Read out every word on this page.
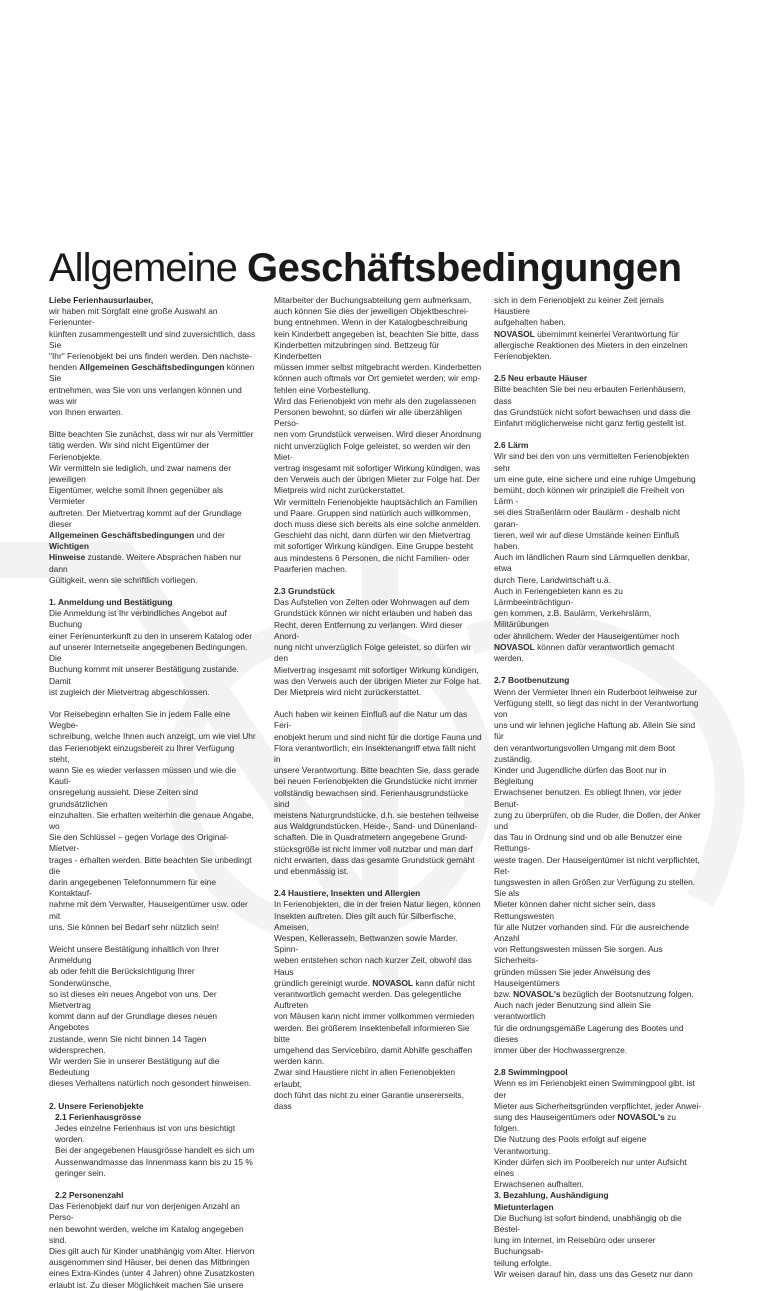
Allgemeine Geschäftsbedingungen

Liebe Ferienhausurlauber,

wir haben mit Sorgfalt eine große Auswahl an Ferienunter-
künften zusammengestellt und sind zuversichtlich, dass Sie
"Ihr" Ferienobjekt bei uns finden werden. Den nachste-
henden Allgemeinen Geschäftsbedingungen können Sie
entnehmen, was Sie von uns verlangen können und was wir
von Ihnen erwarten.

Bitte beachten Sie zunächst, dass wir nur als Vermittler
tätig werden. Wir sind nicht Eigentümer der Ferienobjekte.
Wir vermitteln sie lediglich, und zwar namens der jeweiligen
Eigentümer, welche somit Ihnen gegenüber als Vermieter
auftreten. Der Mietvertrag kommt auf der Grundlage dieser
Allgemeinen Geschäftsbedingungen und der Wichtigen
Hinweise zustande. Weitere Absprachen haben nur dann
Gültigkeit, wenn sie schriftlich vorliegen.

1. Anmeldung und Bestätigung

Die Anmeldung ist Ihr verbindliches Angebot auf Buchung
einer Ferienunterkunft zu den in unserem Katalog oder
auf unserer Internetseite angegebenen Bedingungen. Die
Buchung kommt mit unserer Bestätigung zustande. Damit
ist zugleich der Mietvertrag abgeschlossen.

Vor Reisebeginn erhalten Sie in jedem Falle eine Wegbe-
schreibung, welche Ihnen auch anzeigt, um wie viel Uhr
das Ferienobjekt einzugsbereit zu Ihrer Verfügung steht,
wann Sie es wieder verlassen müssen und wie die Kauti-
onsregelung aussieht. Diese Zeiten sind grundsätzlichen
einzuhalten. Sie erhalten weiterhin die genaue Angabe, wo
Sie den Schlüssel – gegen Vorlage des Original-Mietver-
trages - erhalten werden. Bitte beachten Sie unbedingt die
darin angegebenen Telefonnummern für eine Kontaktauf-
nahme mit dem Verwalter, Hauseigentümer usw. oder mit
uns. Sie können bei Bedarf sehr nützlich sein!

Weicht unsere Bestätigung inhaltlich von Ihrer Anmeldung
ab oder fehlt die Berücksichtigung Ihrer Sonderwünsche,
so ist dieses ein neues Angebot von uns. Der Mietvertrag
kommt dann auf der Grundlage dieses neuen Angebotes
zustande, wenn Sie nicht binnen 14 Tagen widersprechen.
Wir werden Sie in unserer Bestätigung auf die Bedeutung
dieses Verhaltens natürlich noch gesondert hinweisen.

2. Unsere Ferienobjekte

2.1 Ferienhausgrösse

Jedes einzelne Ferienhaus ist von uns besichtigt worden.
Bei der angegebenen Hausgrösse handelt es sich um
Aussenwandmasse das Innenmass kann bis zu 15 %
geringer sein.

2.2 Personenzahl

Das Ferienobjekt darf nur von derjenigen Anzahl an Perso-
nen bewohnt werden, welche im Katalog angegeben sind.
Dies gilt auch für Kinder unabhängig vom Alter. Hiervon
ausgenommen sind Häuser, bei denen das Mitbringen
eines Extra-Kindes (unter 4 Jahren) ohne Zusatzkosten
erlaubt ist. Zu dieser Möglichkeit machen Sie unsere

Mitarbeiter der Buchungsabteilung gern aufmerksam,
auch können Sie dies der jeweiligen Objektbeschrei-
bung entnehmen. Wenn in der Katalogbeschreibung
kein Kinderbett angegeben ist, beachten Sie bitte, dass
Kinderbetten mitzubringen sind. Bettzeug für Kinderbetten
müssen immer selbst mitgebracht werden. Kinderbetten
können auch oftmals vor Ort gemietet werden; wir emp-
fehlen eine Vorbestellung.
Wird das Ferienobjekt von mehr als den zugelassenen
Personen bewohnt, so dürfen wir alle überzähligen Perso-
nen vom Grundstück verweisen. Wird dieser Anordnung
nicht unverzüglich Folge geleistet, so werden wir den Miet-
vertrag insgesamt mit sofortiger Wirkung kündigen, was
den Verweis auch der übrigen Mieter zur Folge hat. Der
Mietpreis wird nicht zurückerstattet.
Wir vermitteln Ferienobjekte hauptsächlich an Familien
und Paare. Gruppen sind natürlich auch willkommen,
doch muss diese sich bereits als eine solche anmelden.
Geschieht das nicht, dann dürfen wir den Mietvertrag
mit sofortiger Wirkung kündigen. Eine Gruppe besteht
aus mindestens 6 Personen, die nicht Familien- oder
Paarferien machen.

2.3 Grundstück

Das Aufstellen von Zelten oder Wohnwagen auf dem
Grundstück können wir nicht erlauben und haben das
Recht, deren Entfernung zu verlangen. Wird dieser Anord-
nung nicht unverzüglich Folge geleistet, so dürfen wir den
Mietvertrag insgesamt mit sofortiger Wirkung kündigen,
was den Verweis auch der übrigen Mieter zur Folge hat.
Der Mietpreis wird nicht zurückerstattet.

Auch haben wir keinen Einfluß auf die Natur um das Feri-
enobjekt herum und sind nicht für die dortige Fauna und
Flora verantwortlich; ein Insektenangriff etwa fällt nicht in
unsere Verantwortung. Bitte beachten Sie, dass gerade
bei neuen Ferienobjekten die Grundstücke nicht immer
vollständig bewachsen sind. Ferienhausgrundstücke sind
meistens Naturgrundstücke, d.h. sie bestehen teilweise
aus Waldgrundstücken, Heide-, Sand- und Dünenland-
schaften. Die in Quadratmetern angegebene Grund-
stücksgröße ist nicht immer voll nutzbar und man darf
nicht erwarten, dass das gesamte Grundstück gemäht
und ebenmässig ist.

2.4 Haustiere, Insekten und Allergien

In Ferienobjekten, die in der freien Natur liegen, können
Insekten auftreten. Dies gilt auch für Silberfische, Ameisen,
Wespen, Kellerasseln, Bettwanzen sowie Marder. Spinn-
weben entstehen schon nach kurzer Zeit, obwohl das Haus
gründlich gereinigt wurde. NOVASOL kann dafür nicht
verantwortlich gemacht werden. Das gelegentliche Auftreten
von Mäusen kann nicht immer vollkommen vermieden
werden. Bei größerem Insektenbefall informieren Sie bitte
umgehend das Servicebüro, damit Abhilfe geschaffen
werden kann.
Zwar sind Haustiere nicht in allen Ferienobjekten erlaubt,
doch führt das nicht zu einer Garantie unsererseits, dass

sich in dem Ferienobjekt zu keiner Zeit jemals Haustiere
aufgehalten haben.

NOVASOL übernimmt keinerlei Verantwortung für
allergische Reaktionen des Mieters in den einzelnen
Ferienobjekten.

2.5 Neu erbaute Häuser

Bitte beachten Sie bei neu erbauten Ferienhäusern, dass
das Grundstück nicht sofort bewachsen und dass die
Einfahrt möglicherweise nicht ganz fertig gestellt ist.

2.6 Lärm

Wir sind bei den von uns vermittelten Ferienobjekten sehr
um eine gute, eine sichere und eine ruhige Umgebung
bemüht, doch können wir prinzipiell die Freiheit von Lärm -
sei dies Straßenlärm oder Baulärm - deshalb nicht garan-
tieren, weil wir auf diese Umstände keinen Einfluß haben.
Auch im ländlichen Raum sind Lärmquellen denkbar, etwa
durch Tiere, Landwirtschaft u.ä.
Auch in Feriengebieten kann es zu Lärmbeeinträchtigun-
gen kommen, z.B. Baulärm, Verkehrslärm, Militärübungen
oder ähnlichem. Weder der Hauseigentümer noch
NOVASOL können dafür verantwortlich gemacht werden.

2.7 Bootbenutzung

Wenn der Vermieter Ihnen ein Ruderboot leihweise zur
Verfügung stellt, so liegt das nicht in der Verantwortung von
uns und wir lehnen jegliche Haftung ab. Allein Sie sind für
den verantwortungsvollen Umgang mit dem Boot zuständig.
Kinder und Jugendliche dürfen das Boot nur in Begleitung
Erwachsener benutzen. Es obliegt Ihnen, vor jeder Benut-
zung zu überprüfen, ob die Ruder, die Dollen, der Anker und
das Tau in Ordnung sind und ob alle Benutzer eine Rettungs-
weste tragen. Der Hauseigentümer ist nicht verpflichtet, Ret-
tungswesten in allen Größen zur Verfügung zu stellen. Sie als
Mieter können daher nicht sicher sein, dass Rettungswesten
für alle Nutzer vorhanden sind. Für die ausreichende Anzahl
von Rettungswesten müssen Sie sorgen. Aus Sicherheits-
gründen müssen Sie jeder Anweisung des Hauseigentümers
bzw. NOVASOL's bezüglich der Bootsnutzung folgen.
Auch nach jeder Benutzung sind allein Sie verantwortlich
für die ordnungsgemäße Lagerung des Bootes und dieses
immer über der Hochwassergrenze.

2.8 Swimmingpool

Wenn es im Ferienobjekt einen Swimmingpool gibt, ist der
Mieter aus Sicherheitsgründen verpflichtet, jeder Anwei-
sung des Hauseigentümers oder NOVASOL's zu folgen.
Die Nutzung des Pools erfolgt auf eigene Verantwortung.
Kinder dürfen sich im Poolbereich nur unter Aufsicht eines
Erwachsenen aufhalten.

3. Bezahlung, Aushändigung

Mietunterlagen

Die Buchung ist sofort bindend, unabhängig ob die Bestel-
lung im Internet, im Reisebüro oder unserer Buchungsab-
teilung erfolgte.
Wir weisen darauf hin, dass uns das Gesetz nur dann
